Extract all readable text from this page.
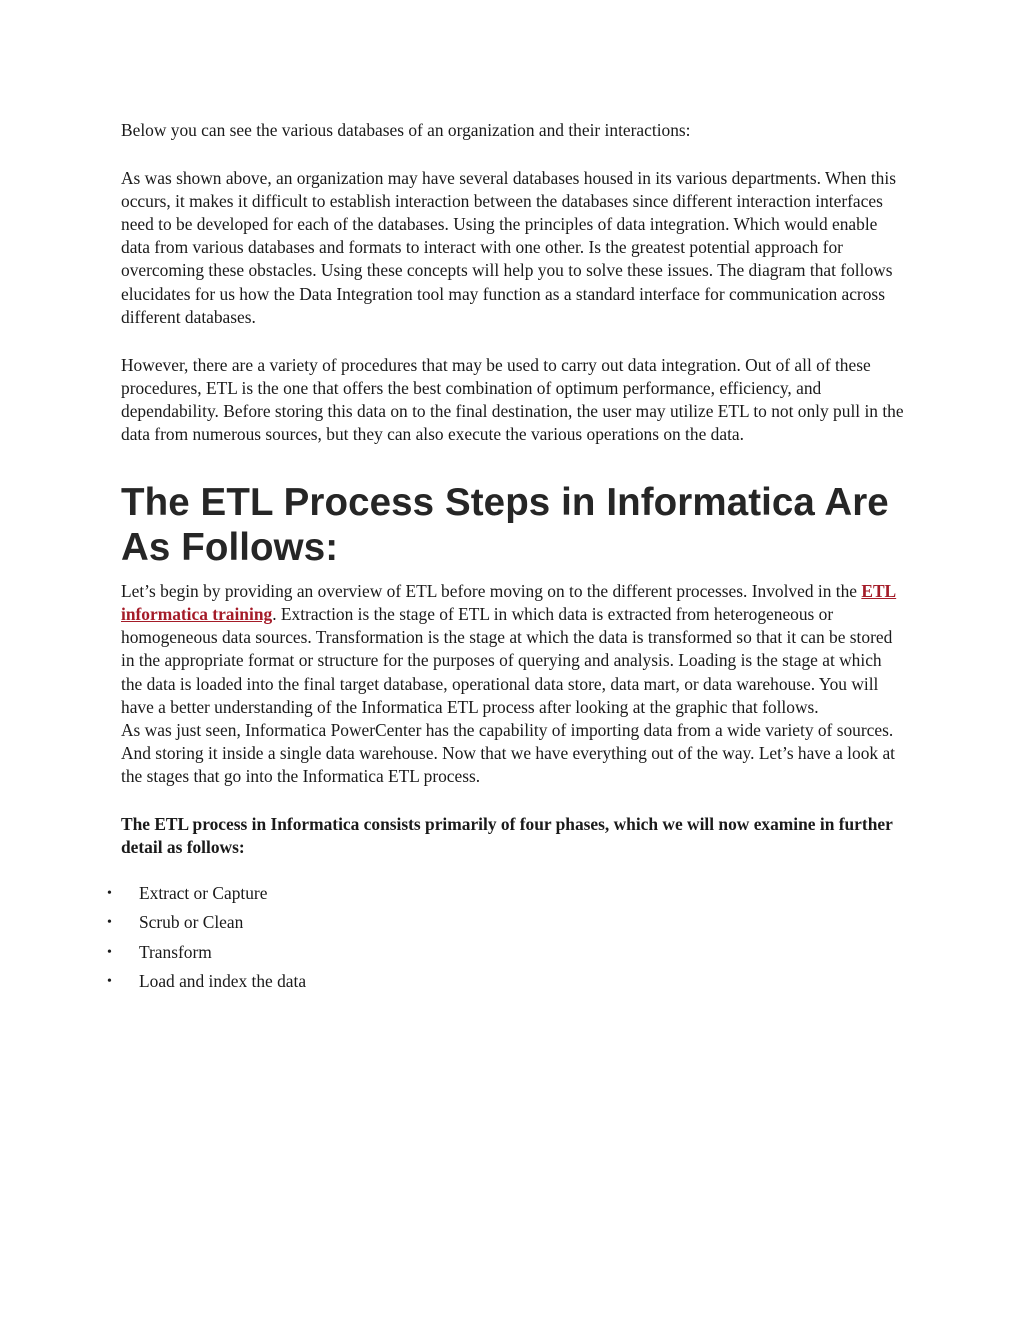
Below you can see the various databases of an organization and their interactions:

As was shown above, an organization may have several databases housed in its various departments. When this occurs, it makes it difficult to establish interaction between the databases since different interaction interfaces need to be developed for each of the databases. Using the principles of data integration. Which would enable data from various databases and formats to interact with one other. Is the greatest potential approach for overcoming these obstacles. Using these concepts will help you to solve these issues. The diagram that follows elucidates for us how the Data Integration tool may function as a standard interface for communication across different databases.

However, there are a variety of procedures that may be used to carry out data integration. Out of all of these procedures, ETL is the one that offers the best combination of optimum performance, efficiency, and dependability. Before storing this data on to the final destination, the user may utilize ETL to not only pull in the data from numerous sources, but they can also execute the various operations on the data.

The ETL Process Steps in Informatica Are As Follows:

Let’s begin by providing an overview of ETL before moving on to the different processes. Involved in the ETL informatica training. Extraction is the stage of ETL in which data is extracted from heterogeneous or homogeneous data sources. Transformation is the stage at which the data is transformed so that it can be stored in the appropriate format or structure for the purposes of querying and analysis. Loading is the stage at which the data is loaded into the final target database, operational data store, data mart, or data warehouse. You will have a better understanding of the Informatica ETL process after looking at the graphic that follows.

As was just seen, Informatica PowerCenter has the capability of importing data from a wide variety of sources. And storing it inside a single data warehouse. Now that we have everything out of the way. Let’s have a look at the stages that go into the Informatica ETL process.

The ETL process in Informatica consists primarily of four phases, which we will now examine in further detail as follows:

• Extract or Capture
• Scrub or Clean
• Transform
• Load and index the data
